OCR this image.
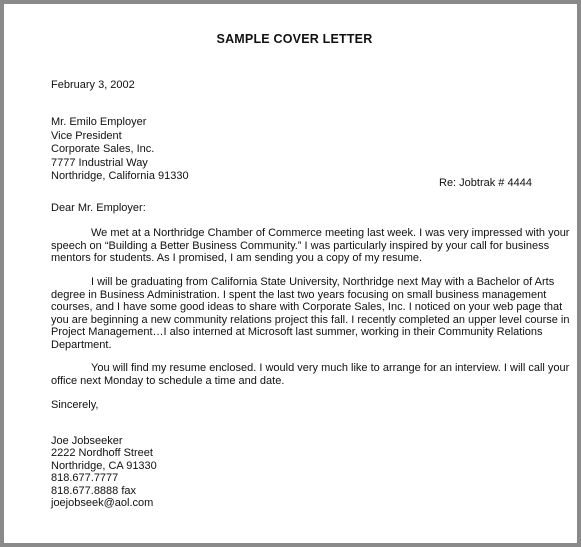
SAMPLE COVER LETTER
February 3, 2002
Mr. Emilo Employer
Vice President
Corporate Sales, Inc.
7777 Industrial Way
Northridge, California 91330
Re: Jobtrak # 4444
Dear Mr. Employer:
We met at a Northridge Chamber of Commerce meeting last week. I was very impressed with your
speech on “Building a Better Business Community.” I was particularly inspired by your call for business
mentors for students. As I promised, I am sending you a copy of my resume.
I will be graduating from California State University, Northridge next May with a Bachelor of Arts
degree in Business Administration. I spent the last two years focusing on small business management
courses, and I have some good ideas to share with Corporate Sales, Inc. I noticed on your web page that
you are beginning a new community relations project this fall. I recently completed an upper level course in
Project Management…I also interned at Microsoft last summer, working in their Community Relations
Department.
You will find my resume enclosed. I would very much like to arrange for an interview. I will call your
office next Monday to schedule a time and date.
Sincerely,
Joe Jobseeker
2222 Nordhoff Street
Northridge, CA 91330
818.677.7777
818.677.8888 fax
joejobseek@aol.com
